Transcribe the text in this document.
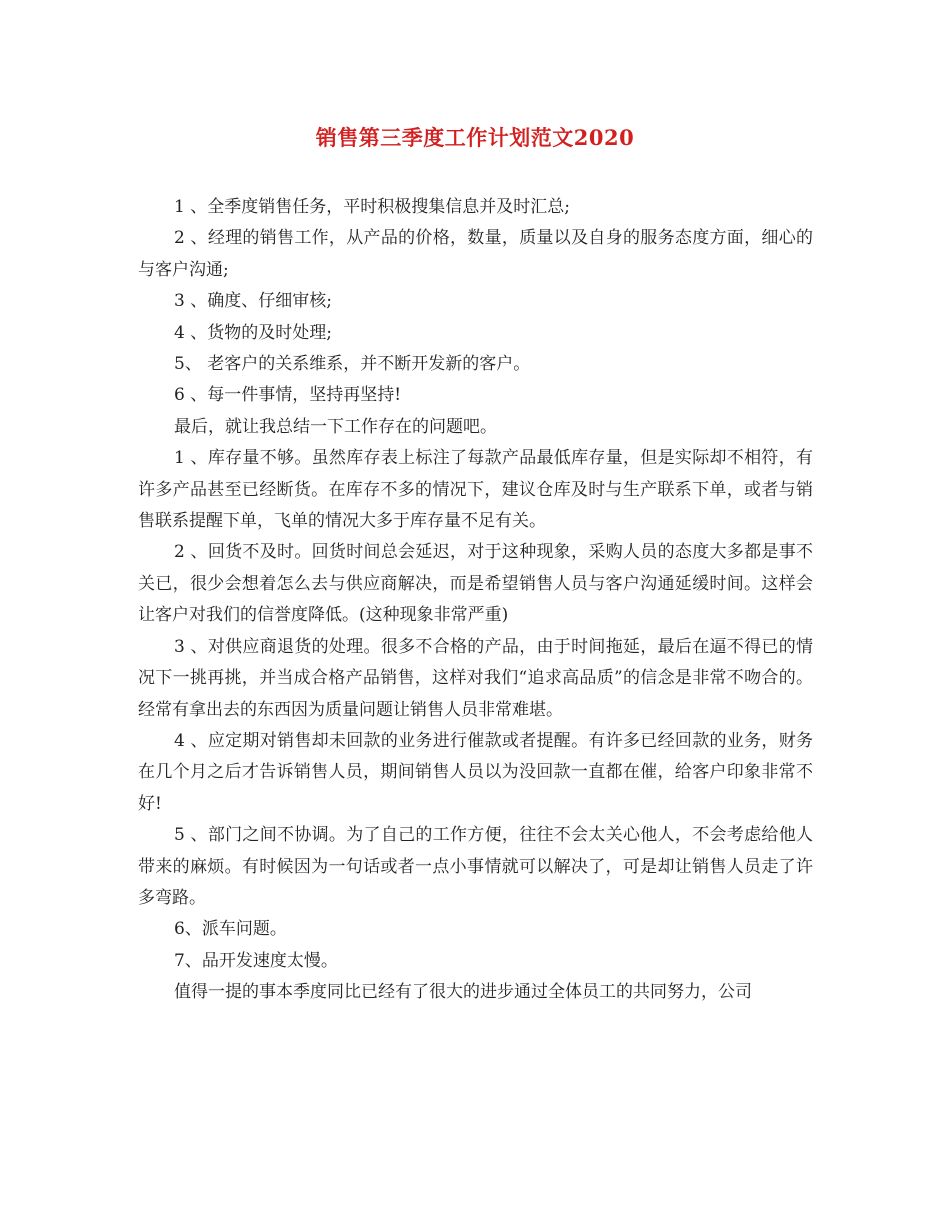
销售第三季度工作计划范文2020

1 、全季度销售任务，平时积极搜集信息并及时汇总;

2 、经理的销售工作，从产品的价格，数量，质量以及自身的服务态度方面，细心的与客户沟通;

3 、确度、仔细审核;

4 、货物的及时处理;

5、 老客户的关系维系，并不断开发新的客户。

6 、每一件事情，坚持再坚持!

最后，就让我总结一下工作存在的问题吧。

1 、库存量不够。虽然库存表上标注了每款产品最低库存量，但是实际却不相符，有许多产品甚至已经断货。在库存不多的情况下，建议仓库及时与生产联系下单，或者与销售联系提醒下单，飞单的情况大多于库存量不足有关。

2 、回货不及时。回货时间总会延迟，对于这种现象，采购人员的态度大多都是事不关已，很少会想着怎么去与供应商解决，而是希望销售人员与客户沟通延缓时间。这样会让客户对我们的信誉度降低。(这种现象非常严重)

3 、对供应商退货的处理。很多不合格的产品，由于时间拖延，最后在逼不得已的情况下一挑再挑，并当成合格产品销售，这样对我们“追求高品质”的信念是非常不吻合的。经常有拿出去的东西因为质量问题让销售人员非常难堪。

4 、应定期对销售却未回款的业务进行催款或者提醒。有许多已经回款的业务，财务在几个月之后才告诉销售人员，期间销售人员以为没回款一直都在催，给客户印象非常不好!

5 、部门之间不协调。为了自己的工作方便，往往不会太关心他人，不会考虑给他人带来的麻烦。有时候因为一句话或者一点小事情就可以解决了，可是却让销售人员走了许多弯路。

6、派车问题。

7、品开发速度太慢。

值得一提的事本季度同比已经有了很大的进步通过全体员工的共同努力，公司
